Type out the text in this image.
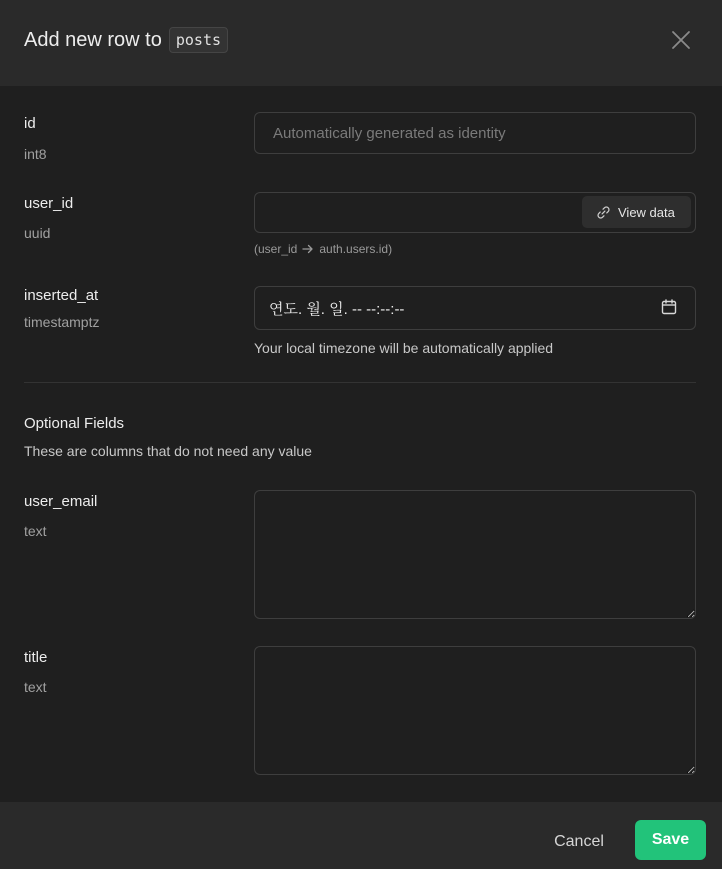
Add new row to posts
id
int8
Automatically generated as identity
user_id
uuid
View data
(user_id auth.users.id)
inserted_at
timestamptz
연도. 월. 일. -- --:--:--
Your local timezone will be automatically applied
Optional Fields
These are columns that do not need any value
user_email
text
title
text
Cancel	Save
